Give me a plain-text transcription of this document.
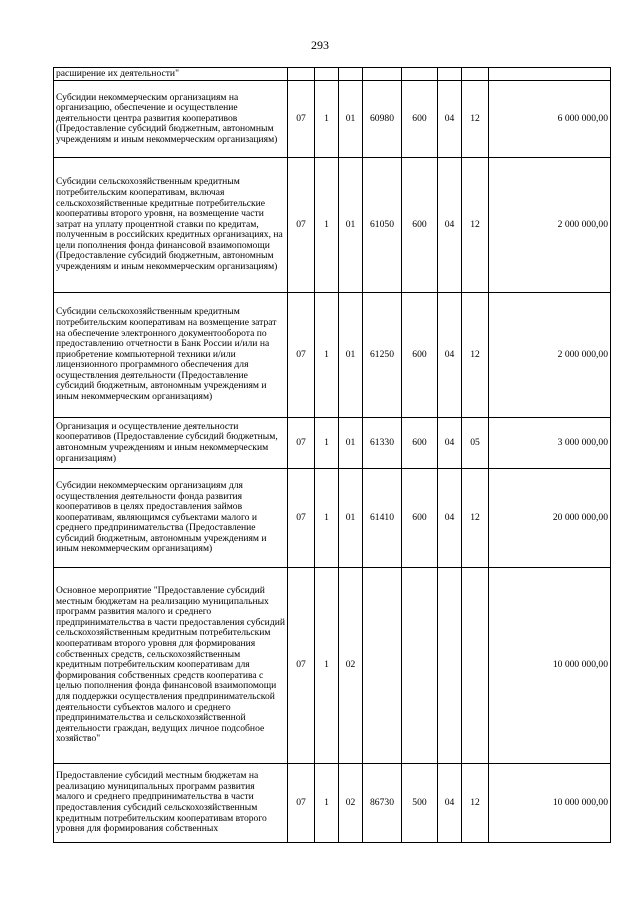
293
расширение их деятельности"								
Субсидии некоммерческим организациям на организацию, обеспечение и осуществление деятельности центра развития кооперативов (Предоставление субсидий бюджетным, автономным учреждениям и иным некоммерческим организациям)	07	1	01	60980	600	04	12	6 000 000,00
Субсидии сельскохозяйственным кредитным потребительским кооперативам, включая сельскохозяйственные кредитные потребительские кооперативы второго уровня, на возмещение части затрат на уплату процентной ставки по кредитам, полученным в российских кредитных организациях, на цели пополнения фонда финансовой взаимопомощи (Предоставление субсидий бюджетным, автономным учреждениям и иным некоммерческим организациям)	07	1	01	61050	600	04	12	2 000 000,00
Субсидии сельскохозяйственным кредитным потребительским кооперативам на возмещение затрат на обеспечение электронного документооборота по предоставлению отчетности в Банк России и/или на приобретение компьютерной техники и/или лицензионного программного обеспечения для осуществления деятельности (Предоставление субсидий бюджетным, автономным учреждениям и иным некоммерческим организациям)	07	1	01	61250	600	04	12	2 000 000,00
Организация и осуществление деятельности кооперативов (Предоставление субсидий бюджетным, автономным учреждениям и иным некоммерческим организациям)	07	1	01	61330	600	04	05	3 000 000,00
Субсидии некоммерческим организациям для осуществления деятельности фонда развития кооперативов в целях предоставления займов кооперативам, являющимся субъектами малого и среднего предпринимательства (Предоставление субсидий бюджетным, автономным учреждениям и иным некоммерческим организациям)	07	1	01	61410	600	04	12	20 000 000,00
Основное мероприятие "Предоставление субсидий местным бюджетам на реализацию муниципальных программ развития малого и среднего предпринимательства в части предоставления субсидий сельскохозяйственным кредитным потребительским кооперативам второго уровня для формирования собственных средств, сельскохозяйственным кредитным потребительским кооперативам для формирования собственных средств кооператива с целью пополнения фонда финансовой взаимопомощи для поддержки осуществления предпринимательской деятельности субъектов малого и среднего предпринимательства и сельскохозяйственной деятельности граждан, ведущих личное подсобное хозяйство"	07	1	02					10 000 000,00
Предоставление субсидий местным бюджетам на реализацию муниципальных программ развития малого и среднего предпринимательства в части предоставления субсидий сельскохозяйственным кредитным потребительским кооперативам второго уровня для формирования собственных	07	1	02	86730	500	04	12	10 000 000,00
